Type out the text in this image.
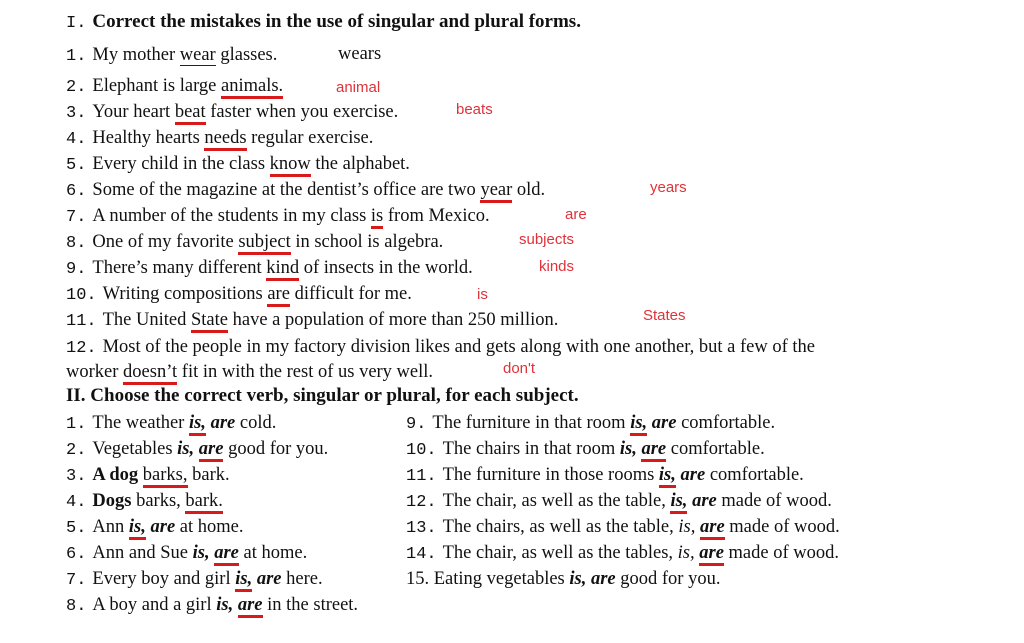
I. Correct the mistakes in the use of singular and plural forms.
1. My mother wear glasses.	wears
2. Elephant is large animals.	animal
3. Your heart beat faster when you exercise.	beats
4. Healthy hearts needs regular exercise.
5. Every child in the class know the alphabet.
6. Some of the magazine at the dentist’s office are two year old.	years
7. A number of the students in my class is from Mexico.	are
8. One of my favorite subject in school is algebra.	subjects
9. There’s many different kind of insects in the world.	kinds
10. Writing compositions are difficult for me.	is
11. The United State have a population of more than 250 million.	States
12. Most of the people in my factory division likes and gets along with one another, but a few of the
worker doesn’t fit in with the rest of us very well.	don't
II. Choose the correct verb, singular or plural, for each subject.
1. The weather is, are cold.
2. Vegetables is, are good for you.
3. A dog barks, bark.
4. Dogs barks, bark.
5. Ann is, are at home.
6. Ann and Sue is, are at home.
7. Every boy and girl is, are here.
8. A boy and a girl is, are in the street.
9. The furniture in that room is, are comfortable.
10. The chairs in that room is, are comfortable.
11. The furniture in those rooms is, are comfortable.
12. The chair, as well as the table, is, are made of wood.
13. The chairs, as well as the table, is, are made of wood.
14. The chair, as well as the tables, is, are made of wood.
15. Eating vegetables is, are good for you.
